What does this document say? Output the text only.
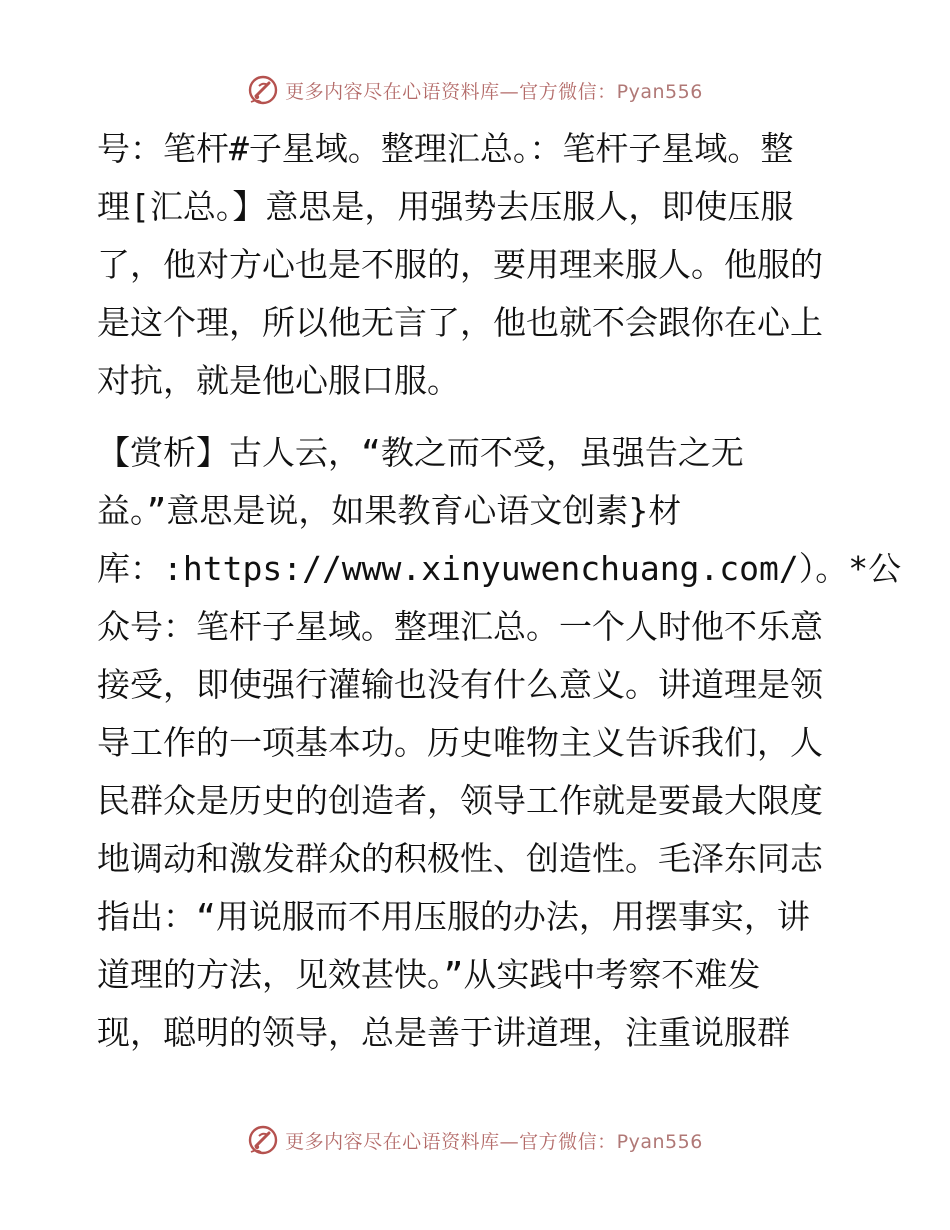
更多内容尽在心语资料库—官方微信：Pyan556
号：笔杆#子星域。整理汇总。：笔杆子星域。整
理[汇总。】意思是，用强势去压服人，即使压服
了，他对方心也是不服的，要用理来服人。他服的
是这个理，所以他无言了，他也就不会跟你在心上
对抗，就是他心服口服。
【赏析】古人云，“教之而不受，虽强告之无
益。”意思是说，如果教育心语文创素}材
库：:https://www.xinyuwenchuang.com/）。*公
众号：笔杆子星域。整理汇总。一个人时他不乐意
接受，即使强行灌输也没有什么意义。讲道理是领
导工作的一项基本功。历史唯物主义告诉我们，人
民群众是历史的创造者，领导工作就是要最大限度
地调动和激发群众的积极性、创造性。毛泽东同志
指出：“用说服而不用压服的办法，用摆事实，讲
道理的方法，见效甚快。”从实践中考察不难发
现，聪明的领导，总是善于讲道理，注重说服群
更多内容尽在心语资料库—官方微信：Pyan556
